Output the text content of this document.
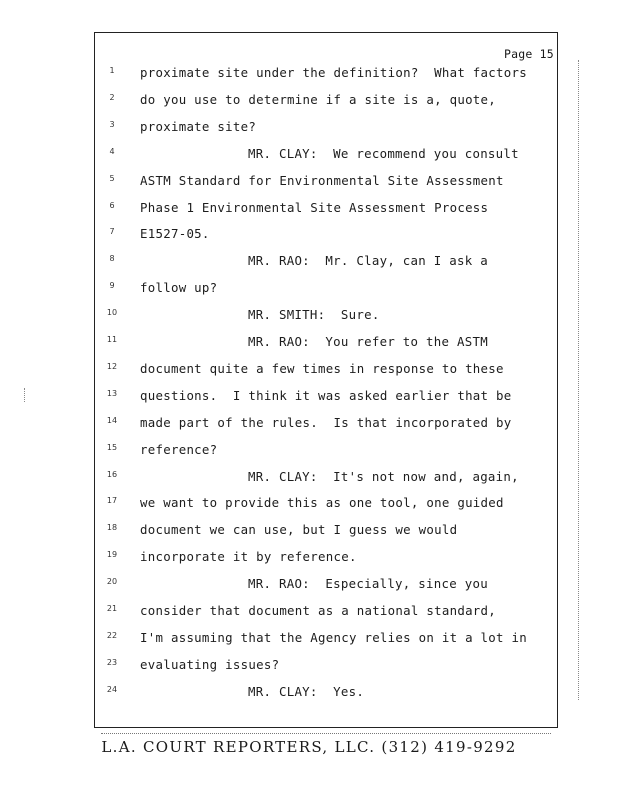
Page 15
1	proximate site under the definition?  What factors
2	do you use to determine if a site is a, quote,
3	proximate site?
4	MR. CLAY:  We recommend you consult
5	ASTM Standard for Environmental Site Assessment
6	Phase 1 Environmental Site Assessment Process
7	E1527-05.
8	MR. RAO:  Mr. Clay, can I ask a
9	follow up?
10	MR. SMITH:  Sure.
11	MR. RAO:  You refer to the ASTM
12	document quite a few times in response to these
13	questions.  I think it was asked earlier that be
14	made part of the rules.  Is that incorporated by
15	reference?
16	MR. CLAY:  It's not now and, again,
17	we want to provide this as one tool, one guided
18	document we can use, but I guess we would
19	incorporate it by reference.
20	MR. RAO:  Especially, since you
21	consider that document as a national standard,
22	I'm assuming that the Agency relies on it a lot in
23	evaluating issues?
24	MR. CLAY:  Yes.
L.A. COURT REPORTERS, LLC. (312) 419-9292
